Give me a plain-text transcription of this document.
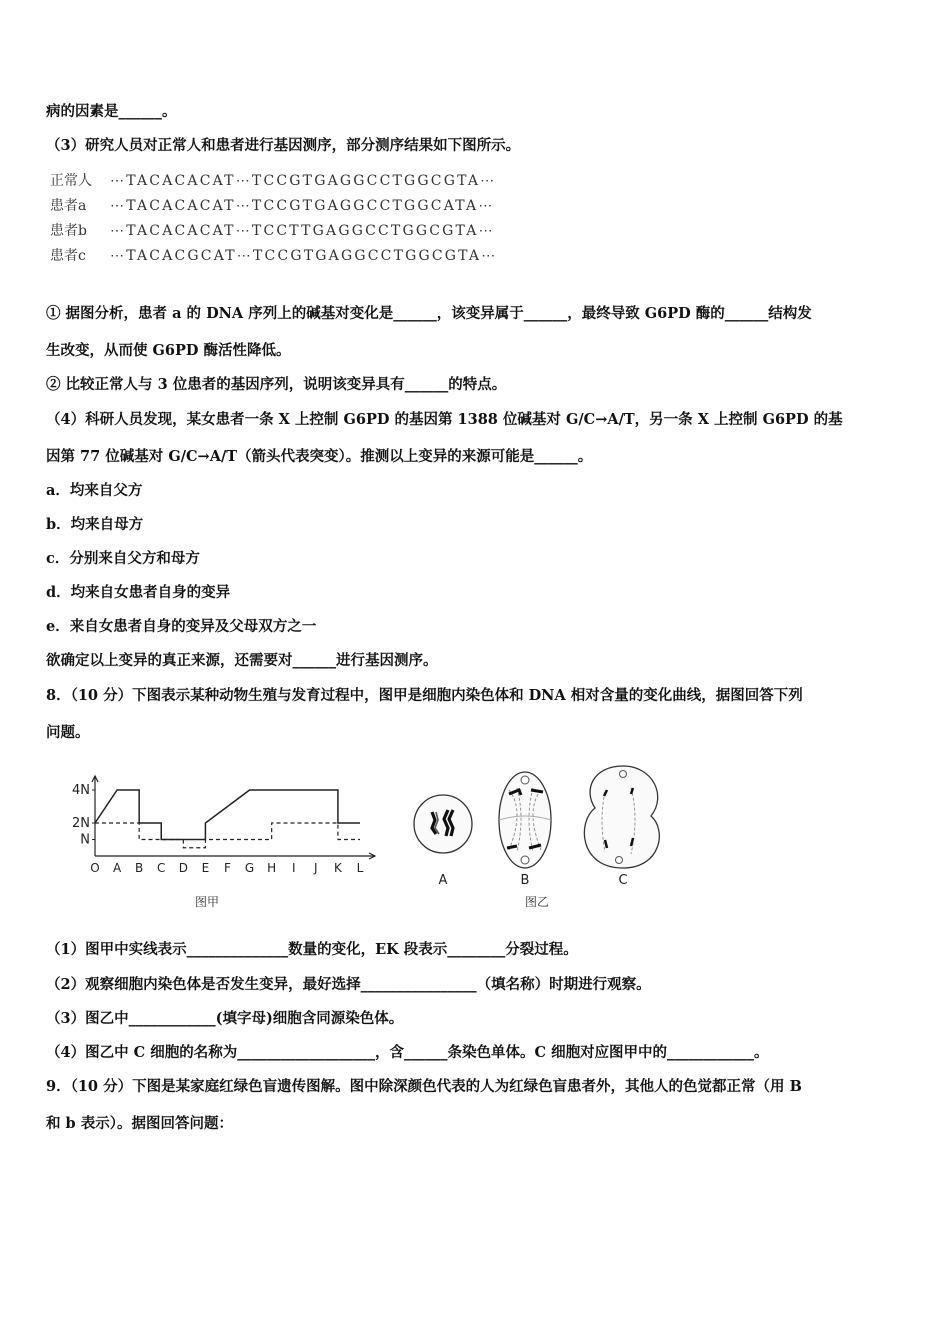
病的因素是______。
（3）研究人员对正常人和患者进行基因测序，部分测序结果如下图所示。
正常人 ⋯TACACACAT⋯TCCGTGAGGCCTGGCGTA⋯
患者a ⋯TACACACAT⋯TCCGTGAGGCCTGGCATA⋯
患者b ⋯TACACACAT⋯TCCTTGAGGCCTGGCGTA⋯
患者c ⋯TACACGCAT⋯TCCGTGAGGCCTGGCGTA⋯
① 据图分析，患者 a 的 DNA 序列上的碱基对变化是______，该变异属于______，最终导致 G6PD 酶的______结构发
生改变，从而使 G6PD 酶活性降低。
② 比较正常人与 3 位患者的基因序列，说明该变异具有______的特点。
（4）科研人员发现，某女患者一条 X 上控制 G6PD 的基因第 1388 位碱基对 G/C→A/T，另一条 X 上控制 G6PD 的基
因第 77 位碱基对 G/C→A/T（箭头代表突变）。推测以上变异的来源可能是______。
a．均来自父方
b．均来自母方
c．分别来自父方和母方
d．均来自女患者自身的变异
e．来自女患者自身的变异及父母双方之一
欲确定以上变异的真正来源，还需要对______进行基因测序。
8．（10 分）下图表示某种动物生殖与发育过程中，图甲是细胞内染色体和 DNA 相对含量的变化曲线，据图回答下列
问题。
4N
2N
N
O A B C D E F G H I J K L
图甲
A	B	C
图乙
（1）图甲中实线表示______________数量的变化，EK 段表示________分裂过程。
（2）观察细胞内染色体是否发生变异，最好选择________________（填名称）时期进行观察。
（3）图乙中____________(填字母)细胞含同源染色体。
（4）图乙中 C 细胞的名称为___________________，含______条染色单体。C 细胞对应图甲中的____________。
9．（10 分）下图是某家庭红绿色盲遗传图解。图中除深颜色代表的人为红绿色盲患者外，其他人的色觉都正常（用 B
和 b 表示）。据图回答问题：
